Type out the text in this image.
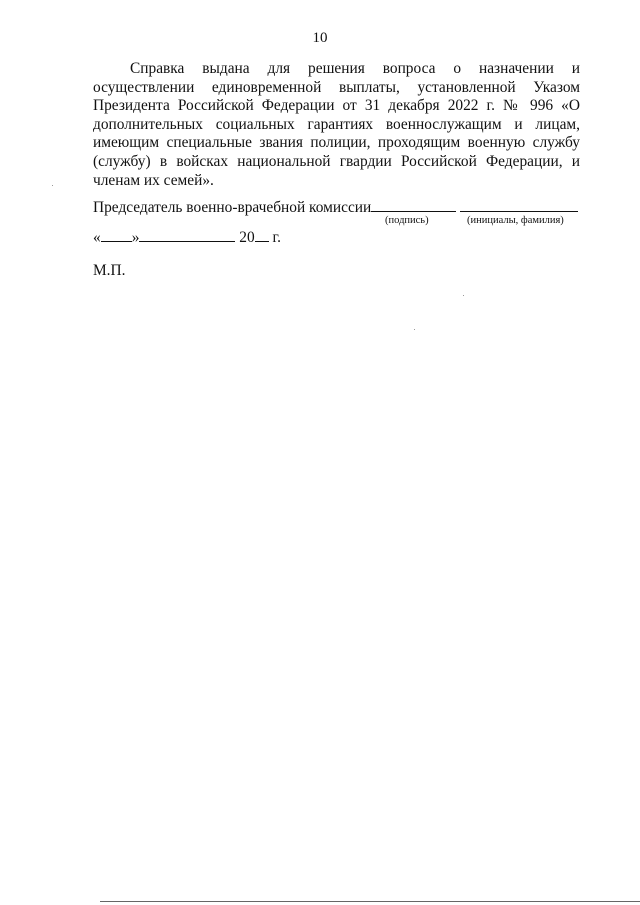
10

Справка выдана для решения вопроса о назначении и осуществлении единовременной выплаты, установленной Указом Президента Российской Федерации от 31 декабря 2022 г. № 996 «О дополнительных социальных гарантиях военнослужащим и лицам, имеющим специальные звания полиции, проходящим военную службу (службу) в войсках национальной гвардии Российской Федерации, и членам их семей».

Председатель военно-врачебной комиссии
(подпись)	(инициалы, фамилия)
« »	20 г.
М.П.
